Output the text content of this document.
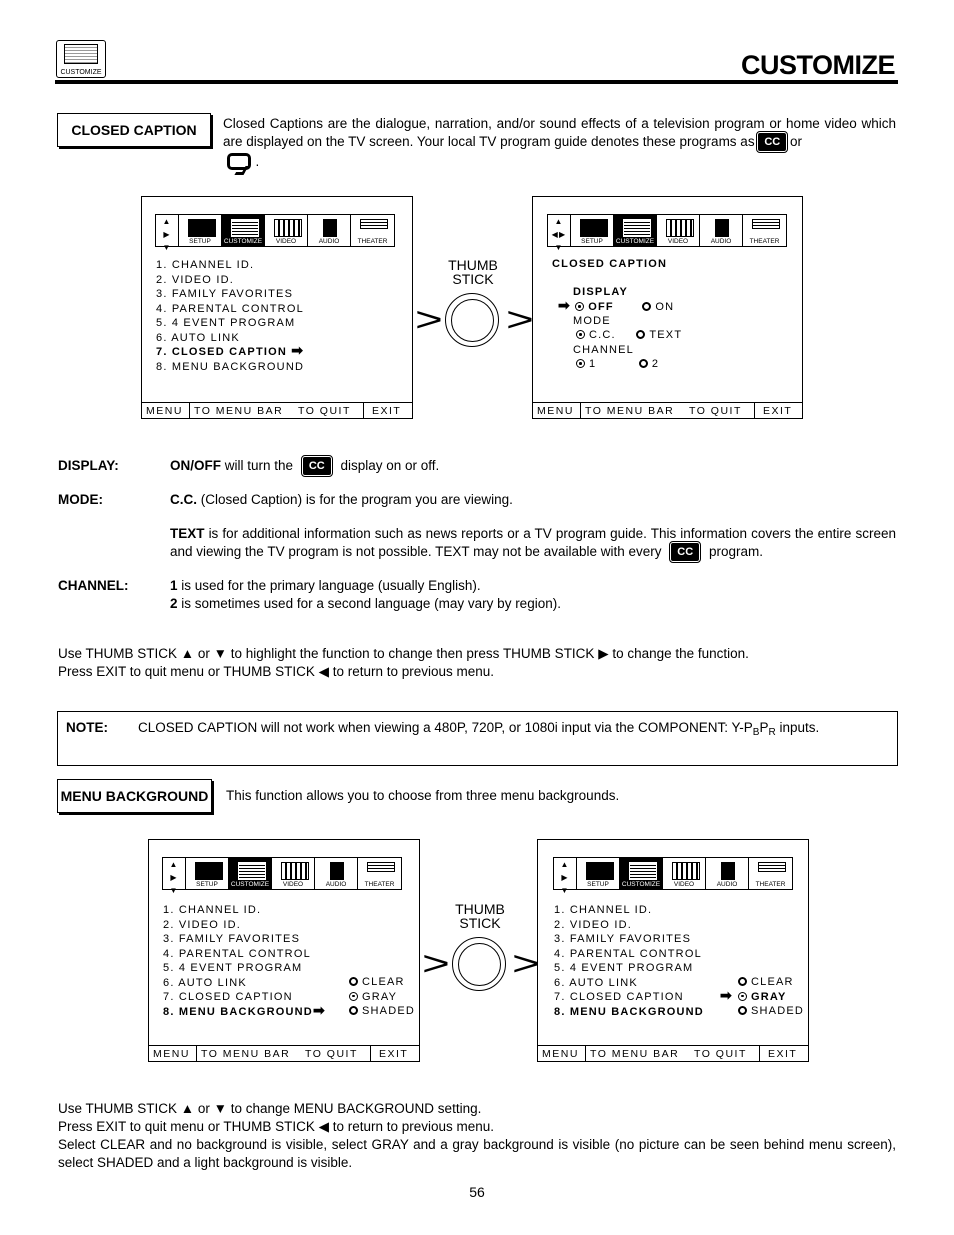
CUSTOMIZE	CUSTOMIZE
CLOSED CAPTION	Closed Captions are the dialogue, narration, and/or sound effects of a television program or home video which are displayed on the TV screen. Your local TV program guide denotes these programs as CC or
.
▲
▶
▼
SETUP	CUSTOMIZE	VIDEO	AUDIO	THEATER
1. CHANNEL ID.
2. VIDEO ID.
3. FAMILY FAVORITES
4. PARENTAL CONTROL
5. 4 EVENT PROGRAM
6. AUTO LINK
7. CLOSED CAPTION ➡
8. MENU BACKGROUND
MENU	TO MENU BAR	TO QUIT	EXIT
THUMB
STICK
> >
▲
◀▶
▼
SETUP	CUSTOMIZE	VIDEO	AUDIO	THEATER
CLOSED CAPTION
DISPLAY
➡ OFF	ON
MODE
C.C.	TEXT
CHANNEL
1	2
MENU	TO MENU BAR	TO QUIT	EXIT
DISPLAY:	ON/OFF will turn the CC display on or off.
MODE:	C.C. (Closed Caption) is for the program you are viewing.
TEXT is for additional information such as news reports or a TV program guide. This information covers the entire screen and viewing the TV program is not possible. TEXT may not be available with every CC program.
CHANNEL:	1 is used for the primary language (usually English).
2 is sometimes used for a second language (may vary by region).
Use THUMB STICK ▲ or ▼ to highlight the function to change then press THUMB STICK ▶ to change the function.
Press EXIT to quit menu or THUMB STICK ◀ to return to previous menu.
NOTE: CLOSED CAPTION will not work when viewing a 480P, 720P, or 1080i input via the COMPONENT: $Y-P_BP_R$ inputs.
MENU BACKGROUND This function allows you to choose from three menu backgrounds.
▲
▶
▼
SETUP	CUSTOMIZE	VIDEO	AUDIO	THEATER
1. CHANNEL ID.
2. VIDEO ID.
3. FAMILY FAVORITES
4. PARENTAL CONTROL
5. 4 EVENT PROGRAM
6. AUTO LINK
7. CLOSED CAPTION
8. MENU BACKGROUND➡
CLEAR
GRAY
SHADED
MENU	TO MENU BAR	TO QUIT	EXIT
THUMB
STICK
> >
▲
▶
▼
SETUP	CUSTOMIZE	VIDEO	AUDIO	THEATER
1. CHANNEL ID.
2. VIDEO ID.
3. FAMILY FAVORITES
4. PARENTAL CONTROL
5. 4 EVENT PROGRAM
6. AUTO LINK
7. CLOSED CAPTION
8. MENU BACKGROUND
CLEAR
➡ GRAY
SHADED
MENU	TO MENU BAR	TO QUIT	EXIT
Use THUMB STICK ▲ or ▼ to change MENU BACKGROUND setting.
Press EXIT to quit menu or THUMB STICK ◀ to return to previous menu.
Select CLEAR and no background is visible, select GRAY and a gray background is visible (no picture can be seen behind menu screen), select SHADED and a light background is visible.
56
